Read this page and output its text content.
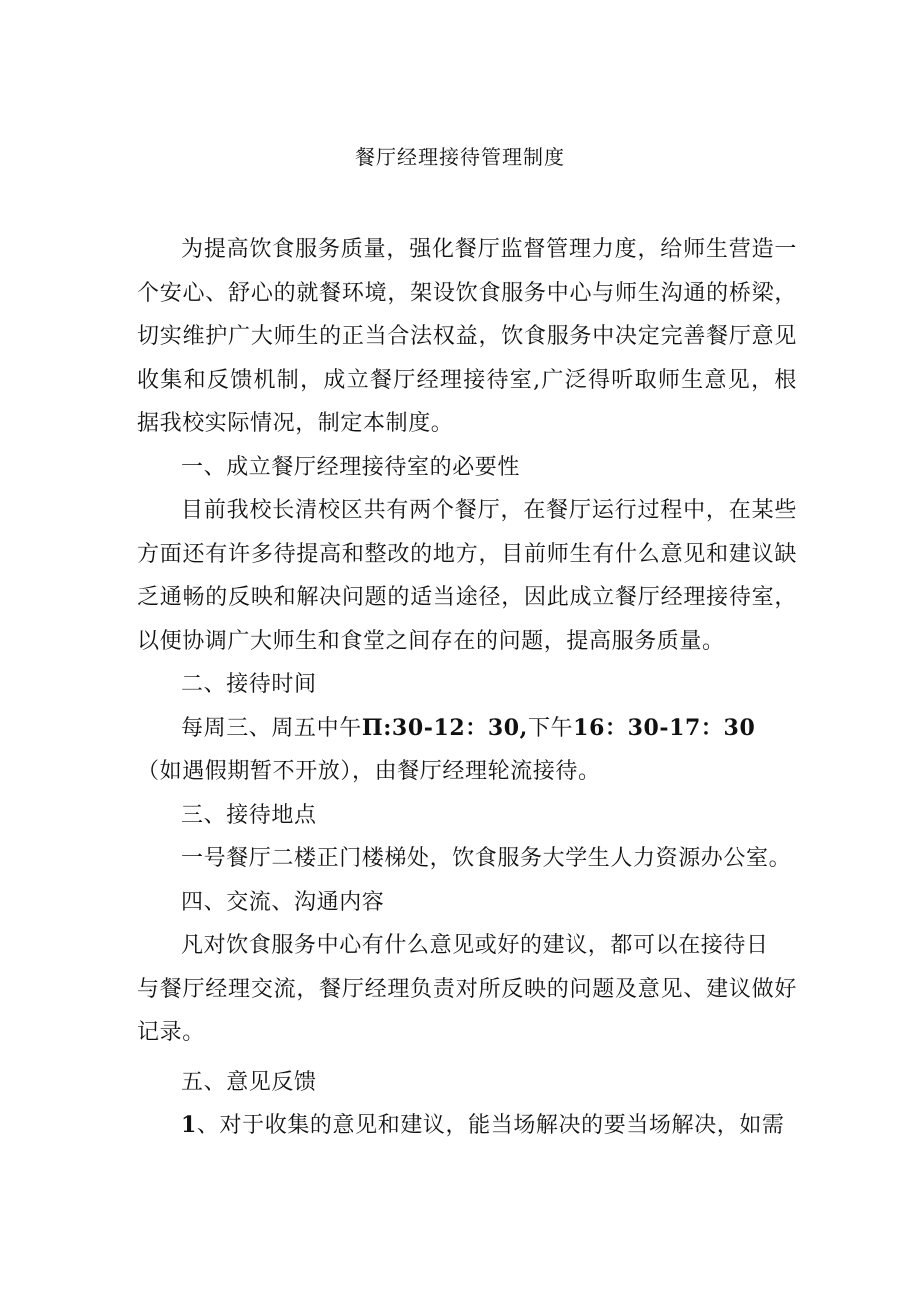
餐厅经理接待管理制度

为提高饮食服务质量，强化餐厅监督管理力度，给师生营造一个安心、舒心的就餐环境，架设饮食服务中心与师生沟通的桥梁，切实维护广大师生的正当合法权益，饮食服务中决定完善餐厅意见收集和反馈机制，成立餐厅经理接待室,广泛得听取师生意见，根据我校实际情况，制定本制度。

一、成立餐厅经理接待室的必要性

目前我校长清校区共有两个餐厅，在餐厅运行过程中，在某些方面还有许多待提高和整改的地方，目前师生有什么意见和建议缺乏通畅的反映和解决问题的适当途径，因此成立餐厅经理接待室，以便协调广大师生和食堂之间存在的问题，提高服务质量。

二、接待时间

每周三、周五中午Π:30-12：30,下午16：30-17：30

（如遇假期暂不开放），由餐厅经理轮流接待。

三、接待地点

一号餐厅二楼正门楼梯处，饮食服务大学生人力资源办公室。

四、交流、沟通内容

凡对饮食服务中心有什么意见或好的建议，都可以在接待日

与餐厅经理交流，餐厅经理负责对所反映的问题及意见、建议做好记录。

五、意见反馈

1、对于收集的意见和建议，能当场解决的要当场解决，如需
